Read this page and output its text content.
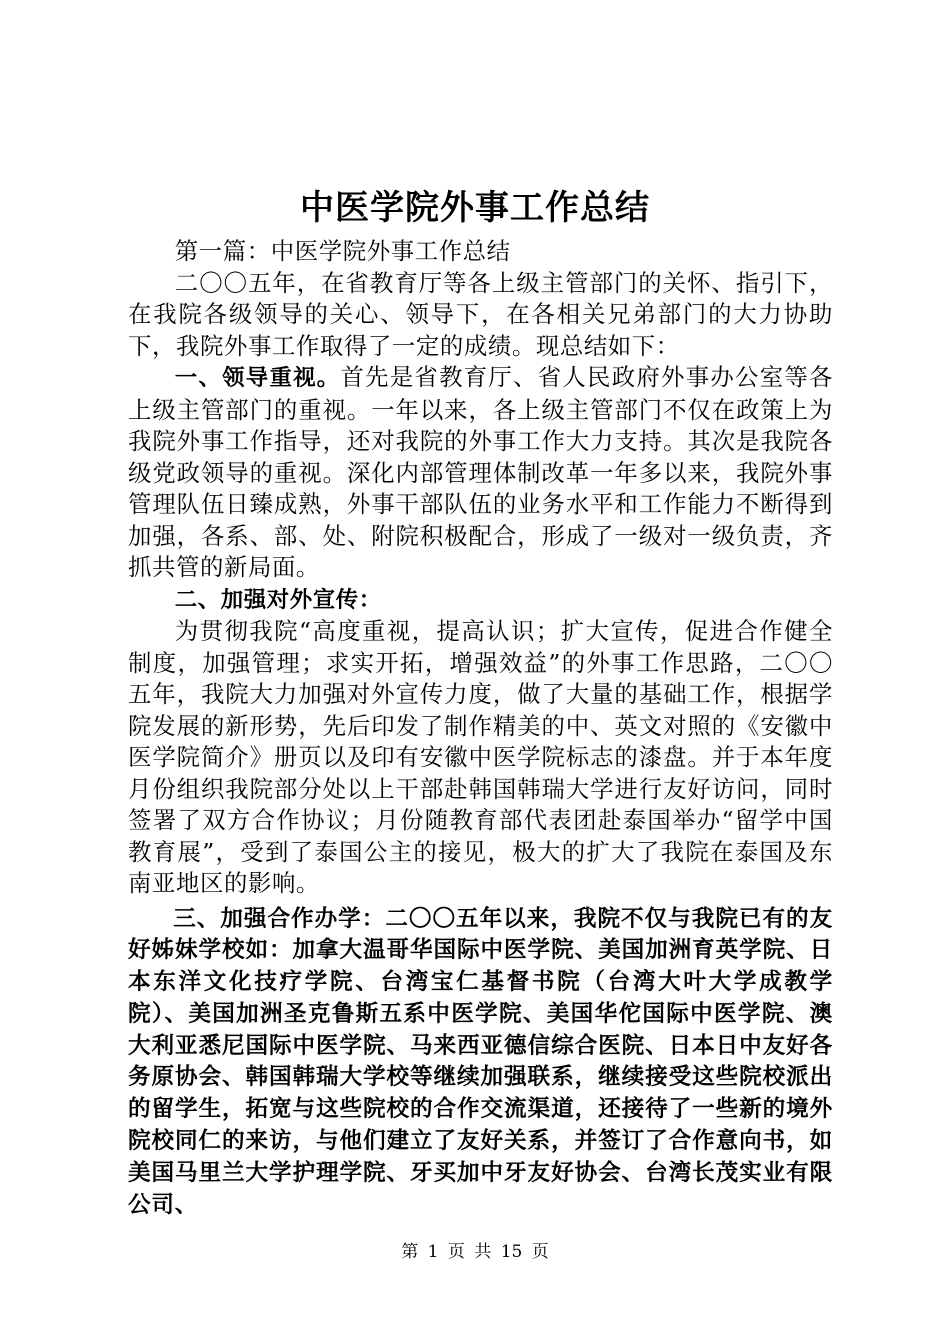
中医学院外事工作总结

第一篇：中医学院外事工作总结

二〇〇五年，在省教育厅等各上级主管部门的关怀、指引下，在我院各级领导的关心、领导下，在各相关兄弟部门的大力协助下，我院外事工作取得了一定的成绩。现总结如下：

一、领导重视。首先是省教育厅、省人民政府外事办公室等各上级主管部门的重视。一年以来，各上级主管部门不仅在政策上为我院外事工作指导，还对我院的外事工作大力支持。其次是我院各级党政领导的重视。深化内部管理体制改革一年多以来，我院外事管理队伍日臻成熟，外事干部队伍的业务水平和工作能力不断得到加强，各系、部、处、附院积极配合，形成了一级对一级负责，齐抓共管的新局面。

二、加强对外宣传：

为贯彻我院“高度重视，提高认识；扩大宣传，促进合作健全制度，加强管理；求实开拓，增强效益”的外事工作思路，二〇〇五年，我院大力加强对外宣传力度，做了大量的基础工作，根据学院发展的新形势，先后印发了制作精美的中、英文对照的《安徽中医学院简介》册页以及印有安徽中医学院标志的漆盘。并于本年度月份组织我院部分处以上干部赴韩国韩瑞大学进行友好访问，同时签署了双方合作协议；月份随教育部代表团赴泰国举办“留学中国教育展”，受到了泰国公主的接见，极大的扩大了我院在泰国及东南亚地区的影响。

三、加强合作办学：二〇〇五年以来，我院不仅与我院已有的友好姊妹学校如：加拿大温哥华国际中医学院、美国加洲育英学院、日本东洋文化技疗学院、台湾宝仁基督书院（台湾大叶大学成教学院）、美国加洲圣克鲁斯五系中医学院、美国华佗国际中医学院、澳大利亚悉尼国际中医学院、马来西亚德信综合医院、日本日中友好各务原协会、韩国韩瑞大学校等继续加强联系，继续接受这些院校派出的留学生，拓宽与这些院校的合作交流渠道，还接待了一些新的境外院校同仁的来访，与他们建立了友好关系，并签订了合作意向书，如美国马里兰大学护理学院、牙买加中牙友好协会、台湾长茂实业有限公司、

第 1 页 共 15 页
